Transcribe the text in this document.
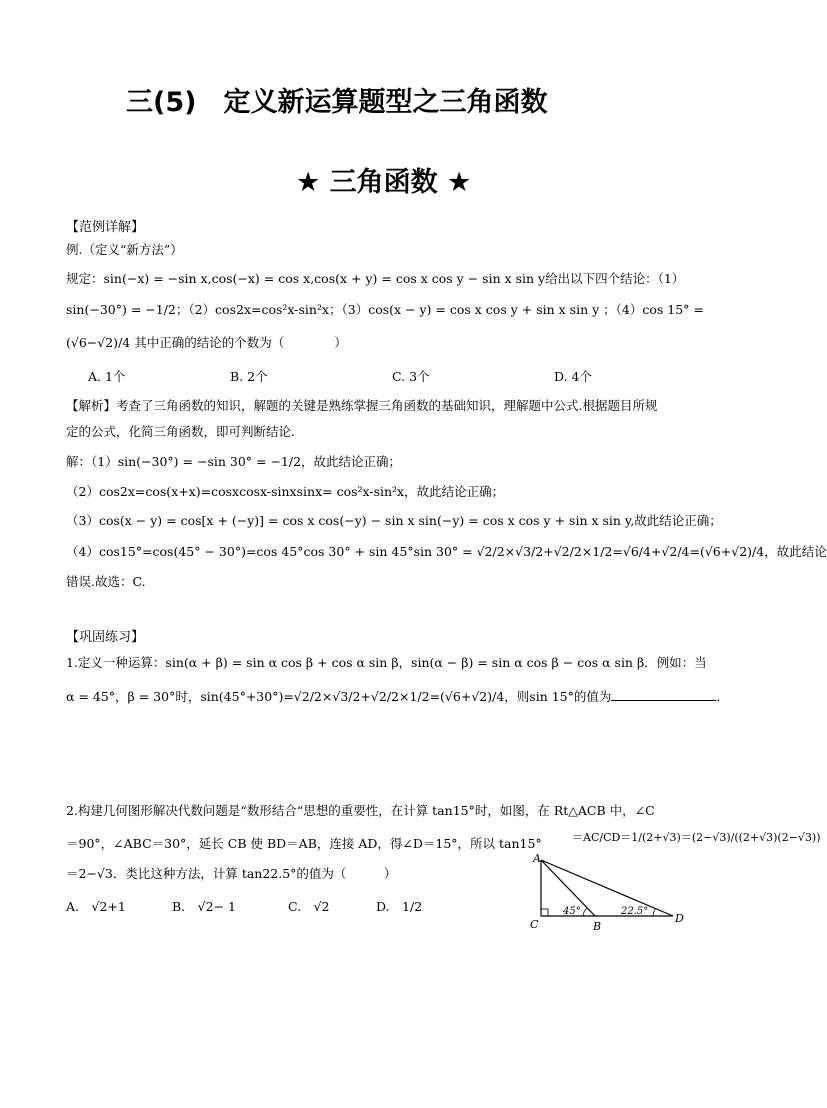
三(5)　定义新运算题型之三角函数
★ 三角函数 ★
【范例详解】
例.（定义“新方法”）
规定：sin(−x) = −sin x,cos(−x) = cos x,cos(x + y) = cos x cos y − sin x sin y给出以下四个结论：（1）
sin(−30°) = −1/2；（2）cos2x=cos²x-sin²x；（3）cos(x − y) = cos x cos y + sin x sin y ；（4）cos 15° =
(√6−√2)/4 其中正确的结论的个数为（　　　　）
A. 1个	B. 2个	C. 3个	D. 4个
【解析】考查了三角函数的知识，解题的关键是熟练掌握三角函数的基础知识，理解题中公式.根据题目所规
定的公式，化简三角函数，即可判断结论.
解：（1）sin(−30°) = −sin 30° = −1/2，故此结论正确；
（2）cos2x=cos(x+x)=cosxcosx-sinxsinx= cos²x-sin²x，故此结论正确；
（3）cos(x − y) = cos[x + (−y)] = cos x cos(−y) − sin x sin(−y) = cos x cos y + sin x sin y,故此结论正确；
（4）cos15°=cos(45° − 30°)=cos 45°cos 30° + sin 45°sin 30° = √2/2×√3/2+√2/2×1/2=√6/4+√2/4=(√6+√2)/4，故此结论
错误.故选：C.
【巩固练习】
1.定义一种运算：sin(α + β) = sin α cos β + cos α sin β，sin(α − β) = sin α cos β − cos α sin β．例如：当
α = 45°，β = 30°时，sin(45°+30°)=√2/2×√3/2+√2/2×1/2=(√6+√2)/4，则sin 15°的值为	．
2.构建几何图形解决代数问题是“数形结合“思想的重要性，在计算 tan15°时，如图，在 Rt△ACB 中，∠C
＝90°，∠ABC＝30°，延长 CB 使 BD＝AB，连接 AD，得∠D＝15°，所以 tan15°	＝AC/CD＝1/(2+√3)＝(2−√3)/((2+√3)(2−√3))
＝2−√3．类比这种方法，计算 tan22.5°的值为（　　　）
A.　√2+1	B.　√2− 1	C.　√2	D.　1/2
A
C	B
D
45°	22.5°
